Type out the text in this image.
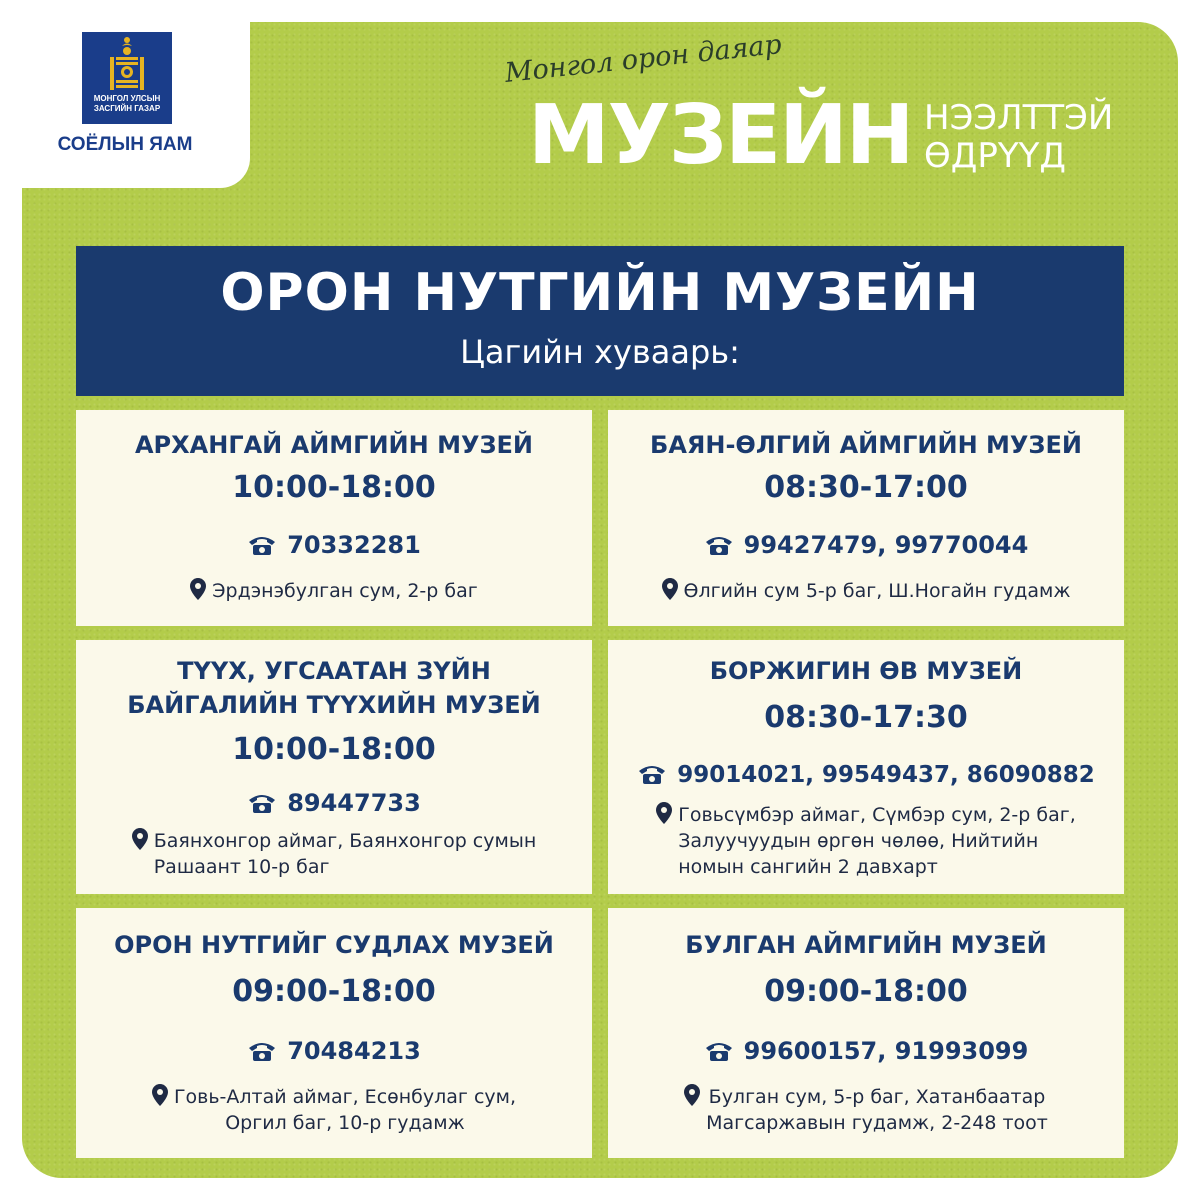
МОНГОЛ УЛСЫН
ЗАСГИЙН ГАЗАР
СОЁЛЫН ЯАМ
Монгол орон даяар
МУЗЕЙН НЭЭЛТТЭЙ
ӨДРҮҮД
ОРОН НУТГИЙН МУЗЕЙН
Цагийн хуваарь:
АРХАНГАЙ АЙМГИЙН МУЗЕЙ
10:00-18:00
70332281
Эрдэнэбулган сум, 2-р баг
БАЯН-ӨЛГИЙ АЙМГИЙН МУЗЕЙ
08:30-17:00
99427479, 99770044
Өлгийн сум 5-р баг, Ш.Ногайн гудамж
ТҮҮХ, УГСААТАН ЗҮЙН
БАЙГАЛИЙН ТҮҮХИЙН МУЗЕЙ
10:00-18:00
89447733
Баянхонгор аймаг, Баянхонгор сумын
Рашаант 10-р баг
БОРЖИГИН ӨВ МУЗЕЙ
08:30-17:30
99014021, 99549437, 86090882
Говьсүмбэр аймаг, Сүмбэр сум, 2-р баг,
Залуучуудын өргөн чөлөө, Нийтийн
номын сангийн 2 давхарт
ОРОН НУТГИЙГ СУДЛАХ МУЗЕЙ
09:00-18:00
70484213
Говь-Алтай аймаг, Есөнбулаг сум,
Оргил баг, 10-р гудамж
БУЛГАН АЙМГИЙН МУЗЕЙ
09:00-18:00
99600157, 91993099
Булган сум, 5-р баг, Хатанбаатар
Магсаржавын гудамж, 2-248 тоот
